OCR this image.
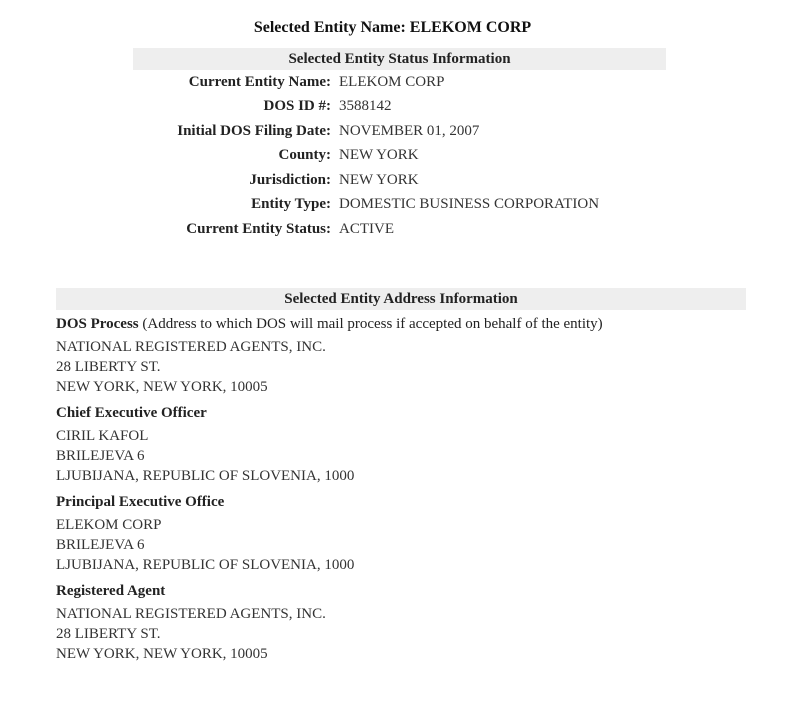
Selected Entity Name: ELEKOM CORP
Selected Entity Status Information
Current Entity Name:	ELEKOM CORP
DOS ID #:	3588142
Initial DOS Filing Date:	NOVEMBER 01, 2007
County:	NEW YORK
Jurisdiction:	NEW YORK
Entity Type:	DOMESTIC BUSINESS CORPORATION
Current Entity Status:	ACTIVE
Selected Entity Address Information
DOS Process (Address to which DOS will mail process if accepted on behalf of the entity)
NATIONAL REGISTERED AGENTS, INC.
28 LIBERTY ST.
NEW YORK, NEW YORK, 10005
Chief Executive Officer
CIRIL KAFOL
BRILEJEVA 6
LJUBIJANA, REPUBLIC OF SLOVENIA, 1000
Principal Executive Office
ELEKOM CORP
BRILEJEVA 6
LJUBIJANA, REPUBLIC OF SLOVENIA, 1000
Registered Agent
NATIONAL REGISTERED AGENTS, INC.
28 LIBERTY ST.
NEW YORK, NEW YORK, 10005
